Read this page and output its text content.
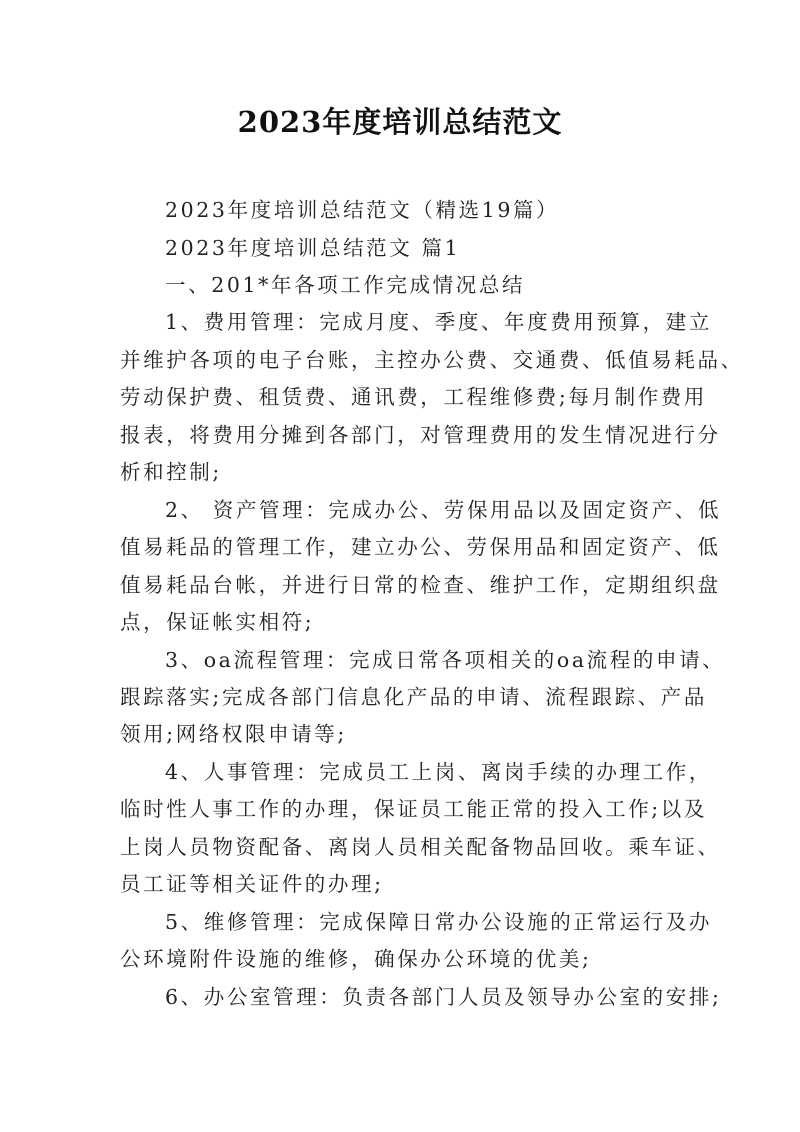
2023年度培训总结范文
2023年度培训总结范文（精选19篇）
2023年度培训总结范文 篇1
一、201*年各项工作完成情况总结
1、费用管理：完成月度、季度、年度费用预算，建立
并维护各项的电子台账，主控办公费、交通费、低值易耗品、
劳动保护费、租赁费、通讯费，工程维修费;每月制作费用
报表，将费用分摊到各部门，对管理费用的发生情况进行分
析和控制;
2、 资产管理：完成办公、劳保用品以及固定资产、低
值易耗品的管理工作，建立办公、劳保用品和固定资产、低
值易耗品台帐，并进行日常的检查、维护工作，定期组织盘
点，保证帐实相符;
3、oa流程管理：完成日常各项相关的oa流程的申请、
跟踪落实;完成各部门信息化产品的申请、流程跟踪、产品
领用;网络权限申请等;
4、人事管理：完成员工上岗、离岗手续的办理工作，
临时性人事工作的办理，保证员工能正常的投入工作;以及
上岗人员物资配备、离岗人员相关配备物品回收。乘车证、
员工证等相关证件的办理;
5、维修管理：完成保障日常办公设施的正常运行及办
公环境附件设施的维修，确保办公环境的优美;
6、办公室管理：负责各部门人员及领导办公室的安排;
